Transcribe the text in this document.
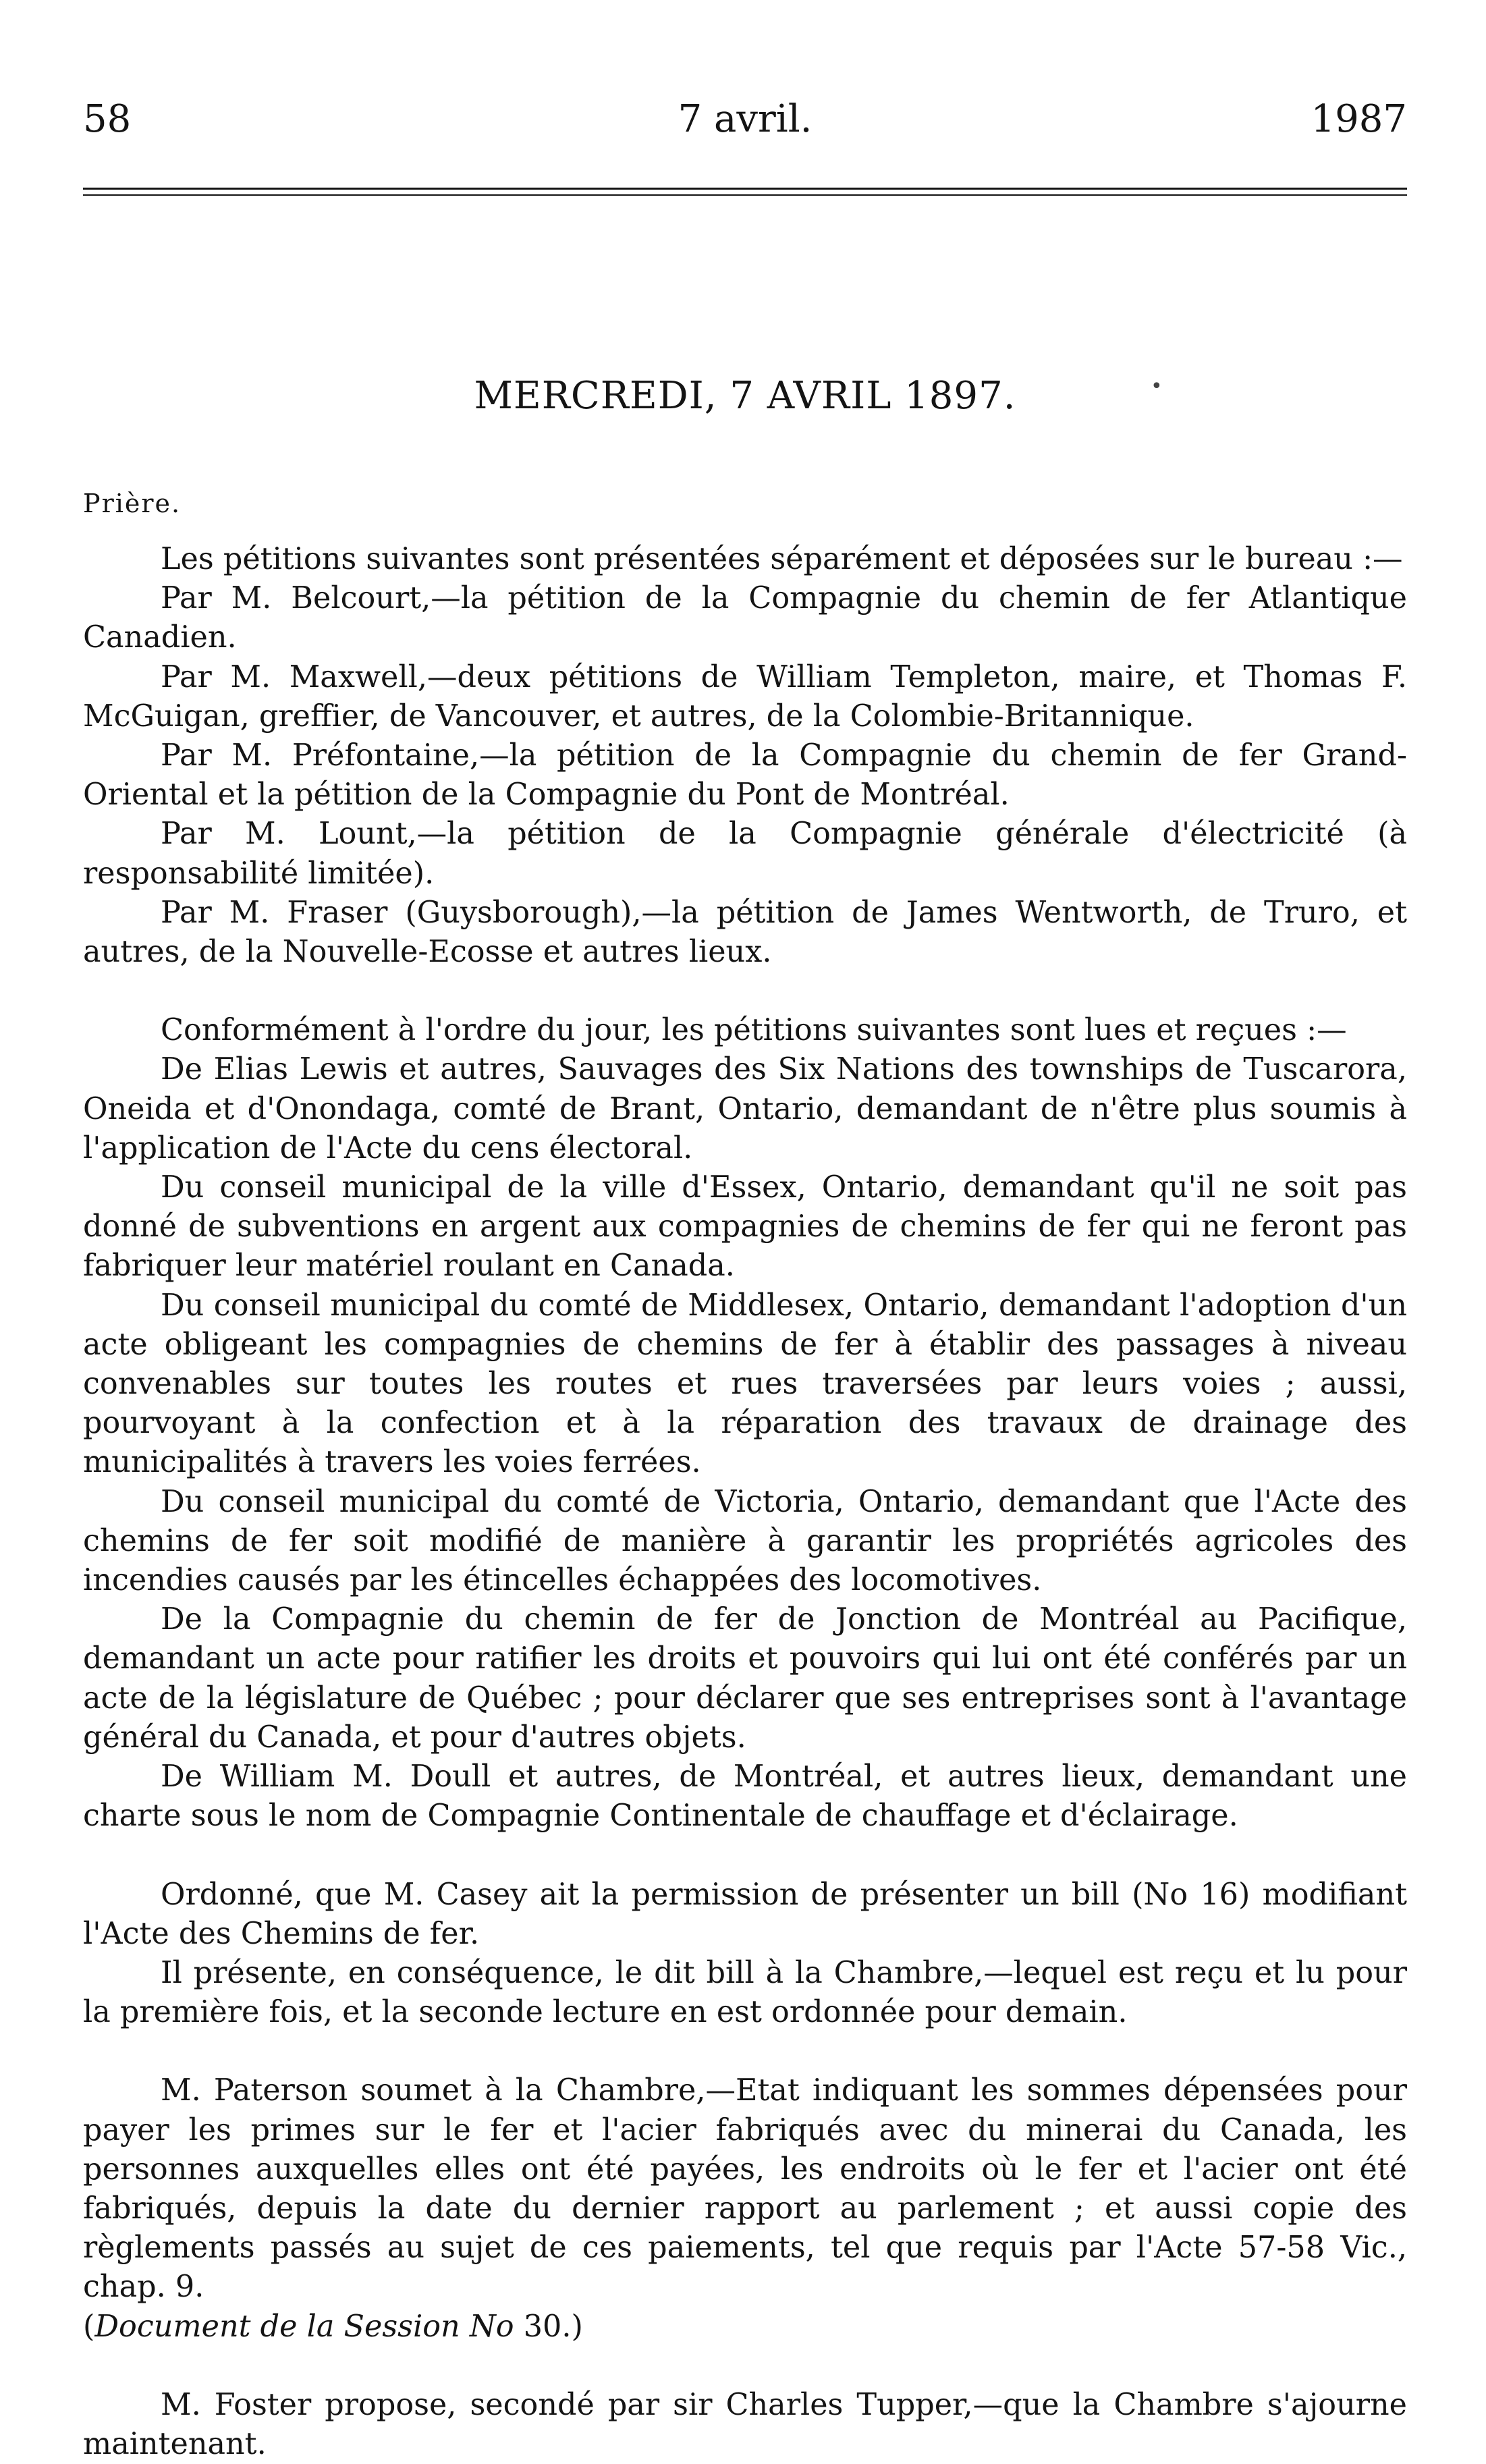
58	7 avril.	1987
MERCREDI, 7 AVRIL 1897.	•
Prière.

Les pétitions suivantes sont présentées séparément et déposées sur le bureau :—

Par M. Belcourt,—la pétition de la Compagnie du chemin de fer Atlantique Canadien.

Par M. Maxwell,—deux pétitions de William Templeton, maire, et Thomas F. McGuigan, greffier, de Vancouver, et autres, de la Colombie-Britannique.

Par M. Préfontaine,—la pétition de la Compagnie du chemin de fer Grand-Oriental et la pétition de la Compagnie du Pont de Montréal.

Par M. Lount,—la pétition de la Compagnie générale d'électricité (à responsabilité limitée).

Par M. Fraser (Guysborough),—la pétition de James Wentworth, de Truro, et autres, de la Nouvelle-Ecosse et autres lieux.

Conformément à l'ordre du jour, les pétitions suivantes sont lues et reçues :—

De Elias Lewis et autres, Sauvages des Six Nations des townships de Tuscarora, Oneida et d'Onondaga, comté de Brant, Ontario, demandant de n'être plus soumis à l'application de l'Acte du cens électoral.

Du conseil municipal de la ville d'Essex, Ontario, demandant qu'il ne soit pas donné de subventions en argent aux compagnies de chemins de fer qui ne feront pas fabriquer leur matériel roulant en Canada.

Du conseil municipal du comté de Middlesex, Ontario, demandant l'adoption d'un acte obligeant les compagnies de chemins de fer à établir des passages à niveau convenables sur toutes les routes et rues traversées par leurs voies ; aussi, pourvoyant à la confection et à la réparation des travaux de drainage des municipalités à travers les voies ferrées.

Du conseil municipal du comté de Victoria, Ontario, demandant que l'Acte des chemins de fer soit modifié de manière à garantir les propriétés agricoles des incendies causés par les étincelles échappées des locomotives.

De la Compagnie du chemin de fer de Jonction de Montréal au Pacifique, demandant un acte pour ratifier les droits et pouvoirs qui lui ont été conférés par un acte de la législature de Québec ; pour déclarer que ses entreprises sont à l'avantage général du Canada, et pour d'autres objets.

De William M. Doull et autres, de Montréal, et autres lieux, demandant une charte sous le nom de Compagnie Continentale de chauffage et d'éclairage.

Ordonné, que M. Casey ait la permission de présenter un bill (No 16) modifiant l'Acte des Chemins de fer.

Il présente, en conséquence, le dit bill à la Chambre,—lequel est reçu et lu pour la première fois, et la seconde lecture en est ordonnée pour demain.

M. Paterson soumet à la Chambre,—Etat indiquant les sommes dépensées pour payer les primes sur le fer et l'acier fabriqués avec du minerai du Canada, les personnes auxquelles elles ont été payées, les endroits où le fer et l'acier ont été fabriqués, depuis la date du dernier rapport au parlement ; et aussi copie des règlements passés au sujet de ces paiements, tel que requis par l'Acte 57-58 Vic., chap. 9.

(Document de la Session No 30.)

M. Foster propose, secondé par sir Charles Tupper,—que la Chambre s'ajourne maintenant.
